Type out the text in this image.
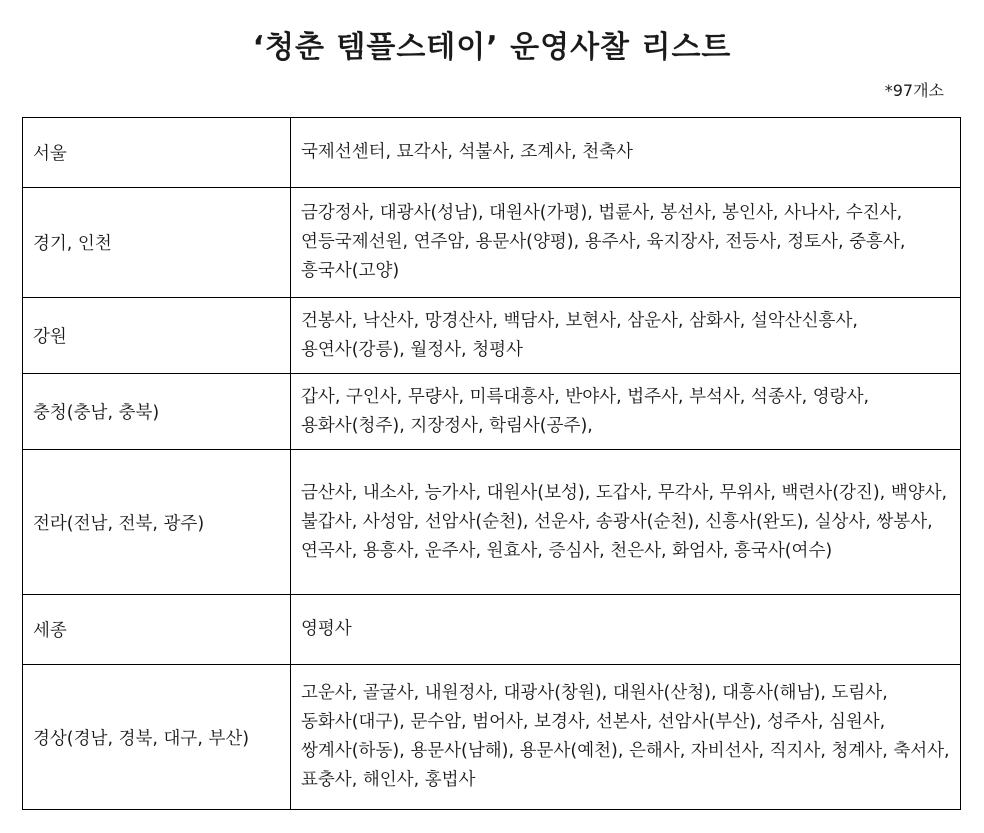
‘청춘 템플스테이’ 운영사찰 리스트
*97개소
서울	국제선센터, 묘각사, 석불사, 조계사, 천축사
경기, 인천	금강정사, 대광사(성남), 대원사(가평), 법륜사, 봉선사, 봉인사, 사나사, 수진사, 연등국제선원, 연주암, 용문사(양평), 용주사, 육지장사, 전등사, 정토사, 중흥사, 흥국사(고양)
강원	건봉사, 낙산사, 망경산사, 백담사, 보현사, 삼운사, 삼화사, 설악산신흥사, 용연사(강릉), 월정사, 청평사
충청(충남, 충북)	갑사, 구인사, 무량사, 미륵대흥사, 반야사, 법주사, 부석사, 석종사, 영랑사, 용화사(청주), 지장정사, 학림사(공주),
전라(전남, 전북, 광주)	금산사, 내소사, 능가사, 대원사(보성), 도갑사, 무각사, 무위사, 백련사(강진), 백양사, 불갑사, 사성암, 선암사(순천), 선운사, 송광사(순천), 신흥사(완도), 실상사, 쌍봉사, 연곡사, 용흥사, 운주사, 원효사, 증심사, 천은사, 화엄사, 흥국사(여수)
세종	영평사
경상(경남, 경북, 대구, 부산)	고운사, 골굴사, 내원정사, 대광사(창원), 대원사(산청), 대흥사(해남), 도림사, 동화사(대구), 문수암, 범어사, 보경사, 선본사, 선암사(부산), 성주사, 심원사, 쌍계사(하동), 용문사(남해), 용문사(예천), 은해사, 자비선사, 직지사, 청계사, 축서사, 표충사, 해인사, 홍법사
